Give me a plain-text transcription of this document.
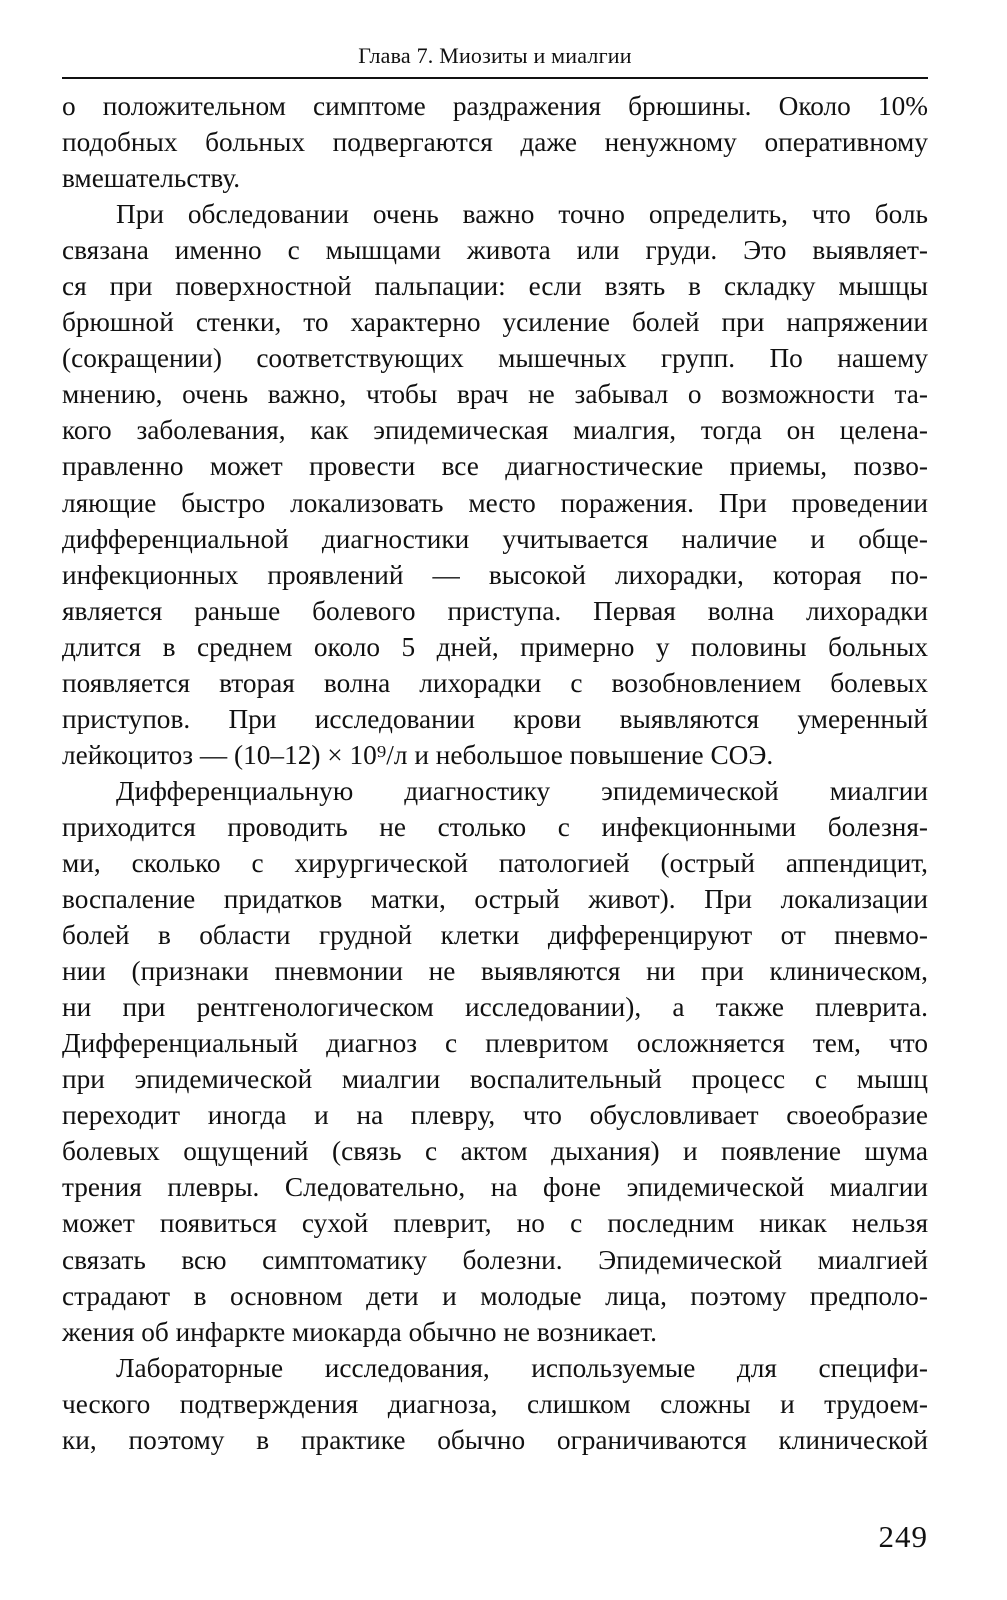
Глава 7. Миозиты и миалгии
о положительном симптоме раздражения брюшины. Около 10%
подобных больных подвергаются даже ненужному оперативному
вмешательству.
При обследовании очень важно точно определить, что боль
связана именно с мышцами живота или груди. Это выявляет-
ся при поверхностной пальпации: если взять в складку мышцы
брюшной стенки, то характерно усиление болей при напряжении
(сокращении) соответствующих мышечных групп. По нашему
мнению, очень важно, чтобы врач не забывал о возможности та-
кого заболевания, как эпидемическая миалгия, тогда он целена-
правленно может провести все диагностические приемы, позво-
ляющие быстро локализовать место поражения. При проведении
дифференциальной диагностики учитывается наличие и обще-
инфекционных проявлений — высокой лихорадки, которая по-
является раньше болевого приступа. Первая волна лихорадки
длится в среднем около 5 дней, примерно у половины больных
появляется вторая волна лихорадки с возобновлением болевых
приступов. При исследовании крови выявляются умеренный
лейкоцитоз — (10–12) × 10⁹/л и небольшое повышение СОЭ.
Дифференциальную диагностику эпидемической миалгии
приходится проводить не столько с инфекционными болезня-
ми, сколько с хирургической патологией (острый аппендицит,
воспаление придатков матки, острый живот). При локализации
болей в области грудной клетки дифференцируют от пневмо-
нии (признаки пневмонии не выявляются ни при клиническом,
ни при рентгенологическом исследовании), а также плеврита.
Дифференциальный диагноз с плевритом осложняется тем, что
при эпидемической миалгии воспалительный процесс с мышц
переходит иногда и на плевру, что обусловливает своеобразие
болевых ощущений (связь с актом дыхания) и появление шума
трения плевры. Следовательно, на фоне эпидемической миалгии
может появиться сухой плеврит, но с последним никак нельзя
связать всю симптоматику болезни. Эпидемической миалгией
страдают в основном дети и молодые лица, поэтому предполо-
жения об инфаркте миокарда обычно не возникает.
Лабораторные исследования, используемые для специфи-
ческого подтверждения диагноза, слишком сложны и трудоем-
ки, поэтому в практике обычно ограничиваются клинической
249
